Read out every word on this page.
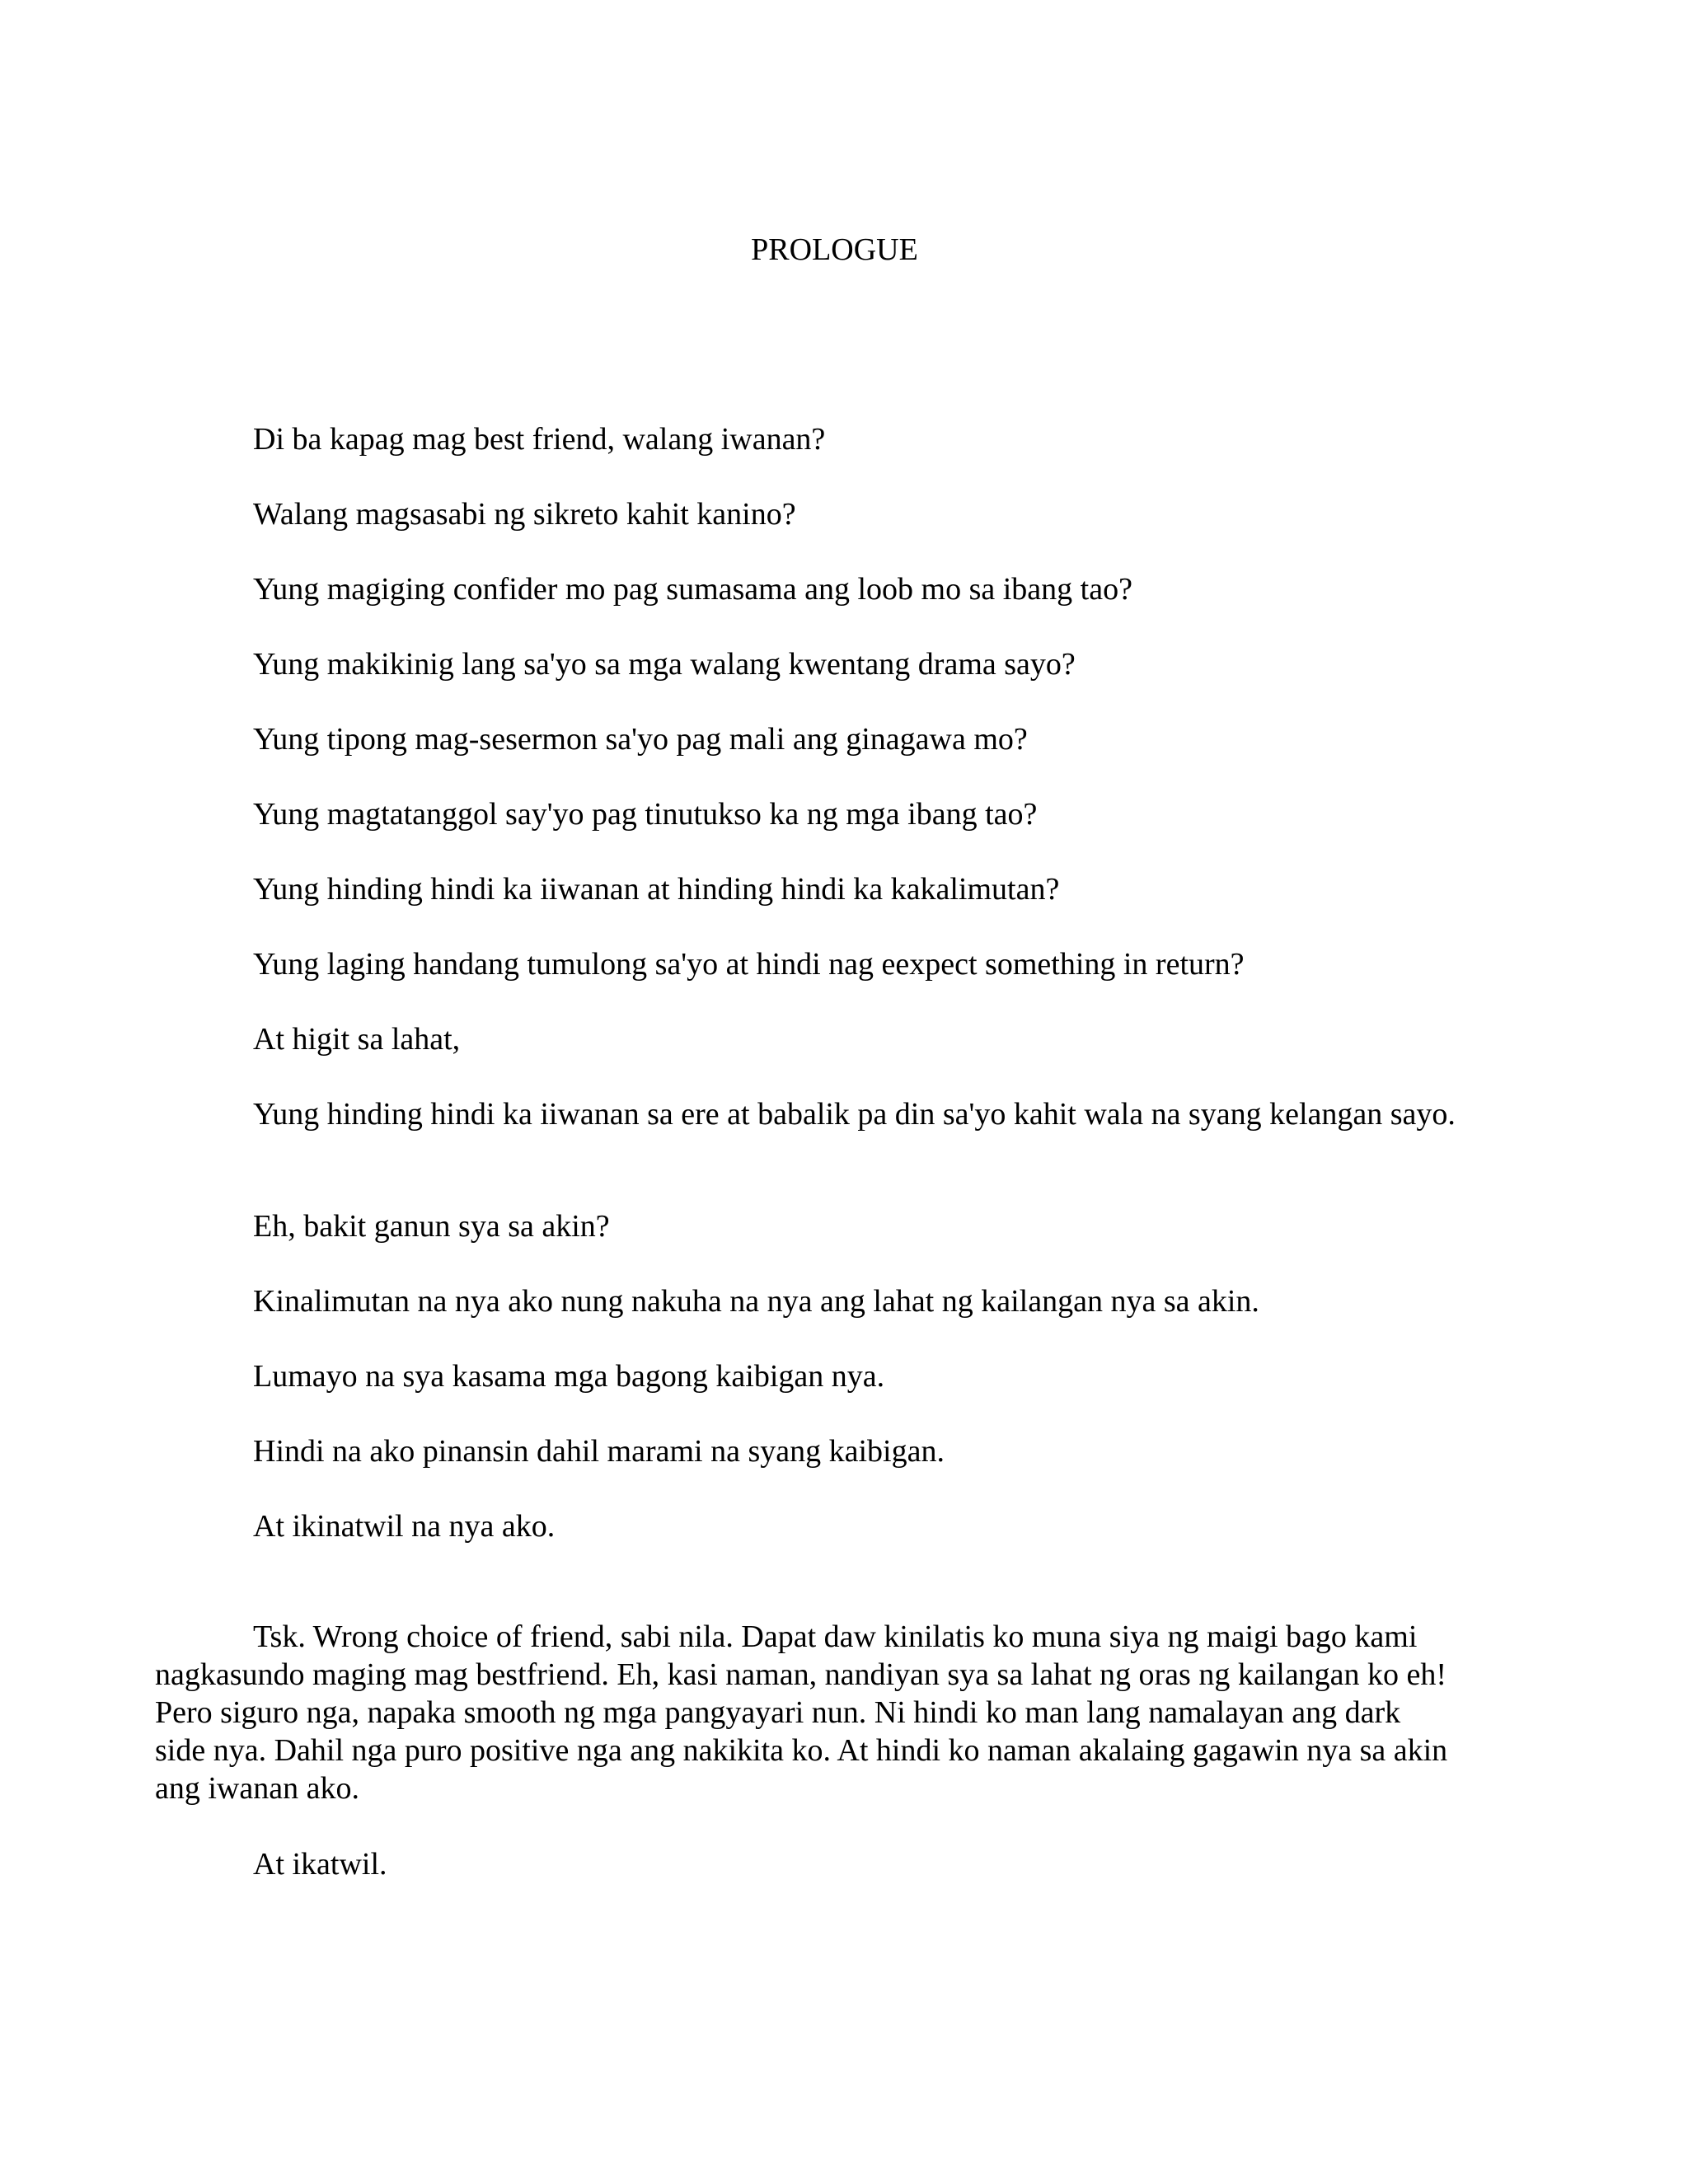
PROLOGUE

Di ba kapag mag best friend, walang iwanan?

Walang magsasabi ng sikreto kahit kanino?

Yung magiging confider mo pag sumasama ang loob mo sa ibang tao?

Yung makikinig lang sa'yo sa mga walang kwentang drama sayo?

Yung tipong mag-sesermon sa'yo pag mali ang ginagawa mo?

Yung magtatanggol say'yo pag tinutukso ka ng mga ibang tao?

Yung hinding hindi ka iiwanan at hinding hindi ka kakalimutan?

Yung laging handang tumulong sa'yo at hindi nag eexpect something in return?

At higit sa lahat,

Yung hinding hindi ka iiwanan sa ere at babalik pa din sa'yo kahit wala na syang kelangan sayo.

Eh, bakit ganun sya sa akin?

Kinalimutan na nya ako nung nakuha na nya ang lahat ng kailangan nya sa akin.

Lumayo na sya kasama mga bagong kaibigan nya.

Hindi na ako pinansin dahil marami na syang kaibigan.

At ikinatwil na nya ako.

Tsk. Wrong choice of friend, sabi nila. Dapat daw kinilatis ko muna siya ng maigi bago kami
nagkasundo maging mag bestfriend. Eh, kasi naman, nandiyan sya sa lahat ng oras ng kailangan ko eh!
Pero siguro nga, napaka smooth ng mga pangyayari nun. Ni hindi ko man lang namalayan ang dark
side nya. Dahil nga puro positive nga ang nakikita ko. At hindi ko naman akalaing gagawin nya sa akin
ang iwanan ako.

At ikatwil.
